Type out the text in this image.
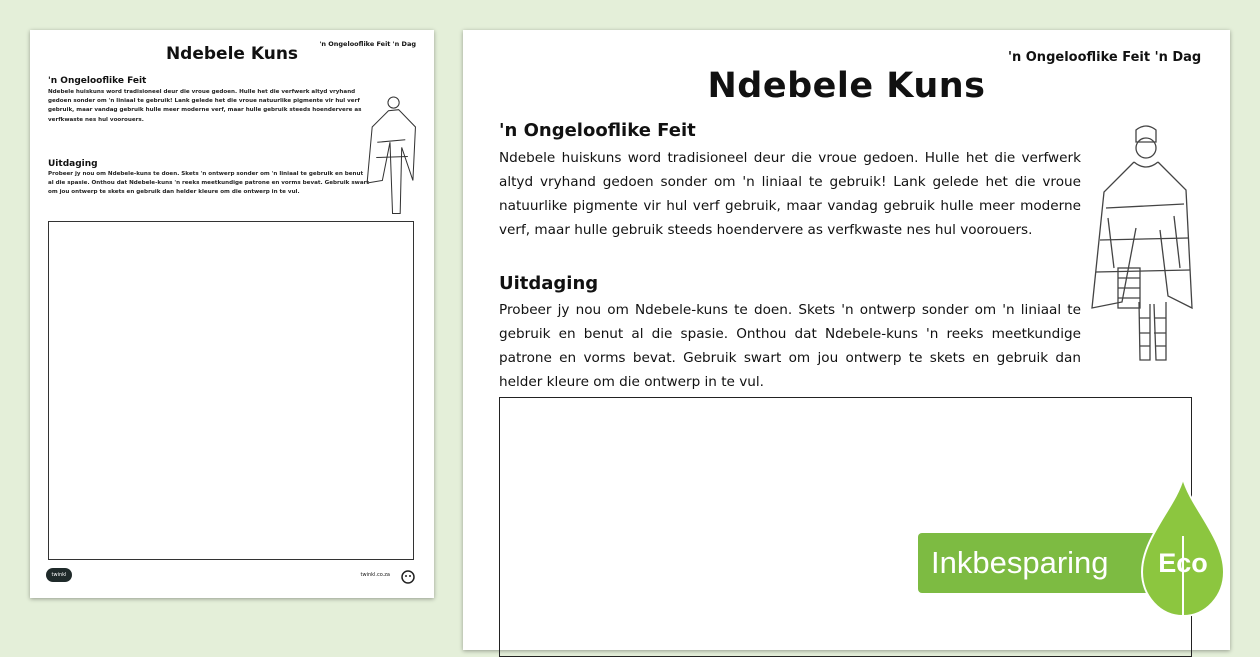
Ndebele Kuns	'n Ongelooflike Feit 'n Dag
'n Ongelooflike Feit
Ndebele huiskuns word tradisioneel deur die vroue gedoen. Hulle het die verfwerk altyd vryhand gedoen sonder om 'n liniaal te gebruik! Lank gelede het die vroue natuurlike pigmente vir hul verf gebruik, maar vandag gebruik hulle meer moderne verf, maar hulle gebruik steeds hoendervere as verfkwaste nes hul voorouers.
Uitdaging
Probeer jy nou om Ndebele-kuns te doen. Skets 'n ontwerp sonder om 'n liniaal te gebruik en benut al die spasie. Onthou dat Ndebele-kuns 'n reeks meetkundige patrone en vorms bevat. Gebruik swart om jou ontwerp te skets en gebruik dan helder kleure om die ontwerp in te vul.
twinkl	twinkl.co.za
'n Ongelooflike Feit 'n Dag
Ndebele Kuns
'n Ongelooflike Feit
Ndebele huiskuns word tradisioneel deur die vroue gedoen. Hulle het die verfwerk altyd vryhand gedoen sonder om 'n liniaal te gebruik! Lank gelede het die vroue natuurlike pigmente vir hul verf gebruik, maar vandag gebruik hulle meer moderne verf, maar hulle gebruik steeds hoendervere as verfkwaste nes hul voorouers.
Uitdaging
Probeer jy nou om Ndebele-kuns te doen. Skets 'n ontwerp sonder om 'n liniaal te gebruik en benut al die spasie. Onthou dat Ndebele-kuns 'n reeks meetkundige patrone en vorms bevat. Gebruik swart om jou ontwerp te skets en gebruik dan helder kleure om die ontwerp in te vul.
Inkbesparing	Eco
